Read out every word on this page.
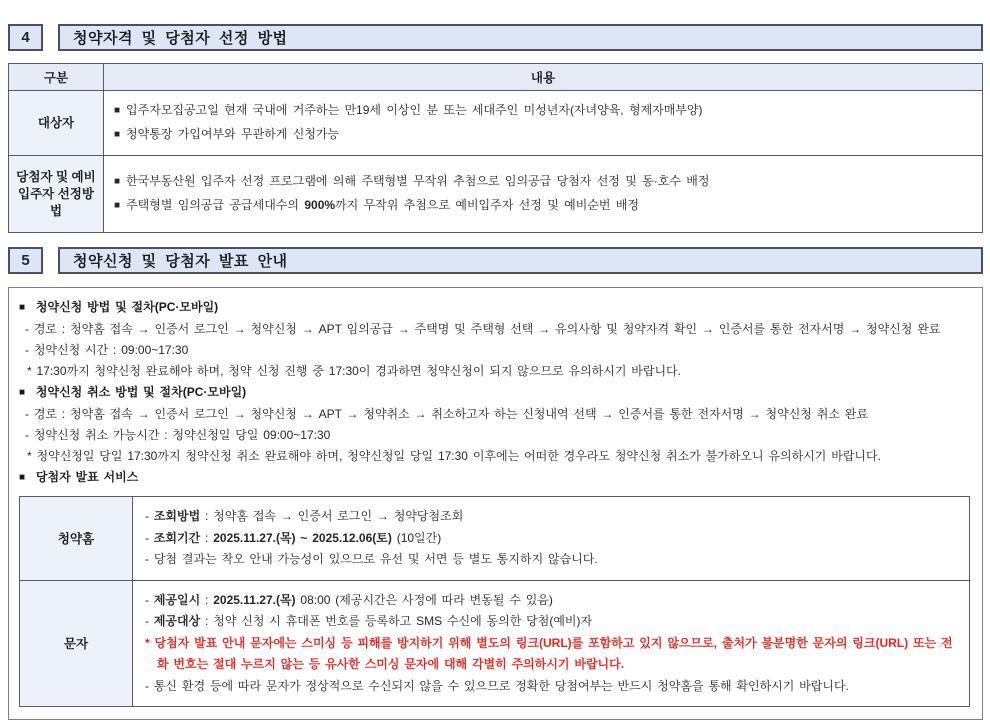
4	청약자격 및 당첨자 선정 방법
구분	내용
대상자	■ 입주자모집공고일 현재 국내에 거주하는 만19세 이상인 분 또는 세대주인 미성년자(자녀양육, 형제자매부양)
■ 청약통장 가입여부와 무관하게 신청가능

당첨자 및 예비입주자 선정방법	■ 한국부동산원 입주자 선정 프로그램에 의해 주택형별 무작위 추첨으로 임의공급 당첨자 선정 및 동·호수 배정
■ 주택형별 임의공급 공급세대수의 900%까지 무작위 추첨으로 예비입주자 선정 및 예비순번 배정
5	청약신청 및 당첨자 발표 안내
■ 청약신청 방법 및 절차(PC·모바일)
- 경로 : 청약홈 접속 → 인증서 로그인 → 청약신청 → APT 임의공급 → 주택명 및 주택형 선택 → 유의사항 및 청약자격 확인 → 인증서를 통한 전자서명 → 청약신청 완료
- 청약신청 시간 : 09:00~17:30
* 17:30까지 청약신청 완료해야 하며, 청약 신청 진행 중 17:30이 경과하면 청약신청이 되지 않으므로 유의하시기 바랍니다.
■ 청약신청 취소 방법 및 절차(PC·모바일)
- 경로 : 청약홈 접속 → 인증서 로그인 → 청약신청 → APT → 청약취소 → 취소하고자 하는 신청내역 선택 → 인증서를 통한 전자서명 → 청약신청 취소 완료
- 청약신청 취소 가능시간 : 청약신청일 당일 09:00~17:30
* 청약신청일 당일 17:30까지 청약신청 취소 완료해야 하며, 청약신청일 당일 17:30 이후에는 어떠한 경우라도 청약신청 취소가 불가하오니 유의하시기 바랍니다.
■ 당첨자 발표 서비스
청약홈	- 조회방법 : 청약홈 접속 → 인증서 로그인 → 청약당첨조회
- 조회기간 : 2025.11.27.(목) ~ 2025.12.06(토) (10일간)
- 당첨 결과는 착오 안내 가능성이 있으므로 유선 및 서면 등 별도 통지하지 않습니다.

문자	- 제공일시 : 2025.11.27.(목) 08:00 (제공시간은 사정에 따라 변동될 수 있음)
- 제공대상 : 청약 신청 시 휴대폰 번호를 등록하고 SMS 수신에 동의한 당첨(예비)자
* 당첨자 발표 안내 문자에는 스미싱 등 피해를 방지하기 위해 별도의 링크(URL)를 포함하고 있지 않으므로, 출처가 불분명한 문자의 링크(URL) 또는 전화 번호는 절대 누르지 않는 등 유사한 스미싱 문자에 대해 각별히 주의하시기 바랍니다.
- 통신 환경 등에 따라 문자가 정상적으로 수신되지 않을 수 있으므로 정확한 당첨여부는 반드시 청약홈을 통해 확인하시기 바랍니다.
